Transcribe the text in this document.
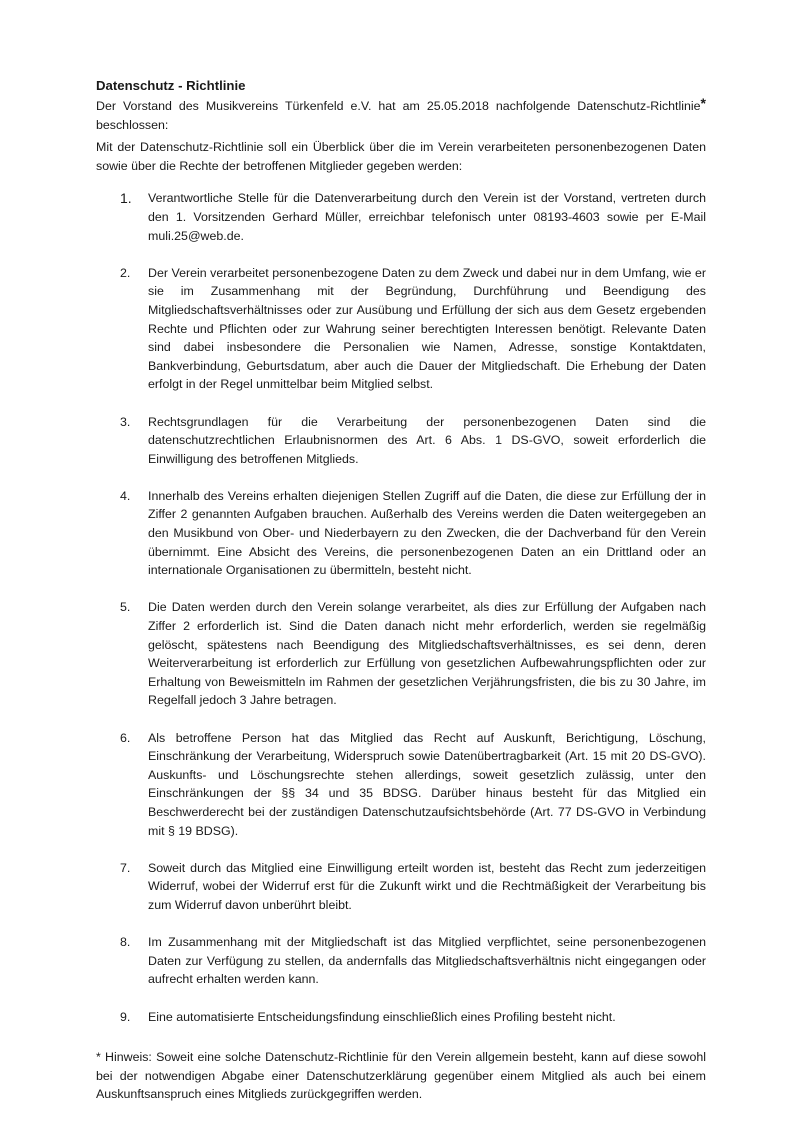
Datenschutz - Richtlinie

Der Vorstand des Musikvereins Türkenfeld e.V. hat am 25.05.2018 nachfolgende Datenschutz-Richtlinie* beschlossen:

Mit der Datenschutz-Richtlinie soll ein Überblick über die im Verein verarbeiteten personenbezogenen Daten sowie über die Rechte der betroffenen Mitglieder gegeben werden:

1.	Verantwortliche Stelle für die Datenverarbeitung durch den Verein ist der Vorstand, vertreten durch den 1. Vorsitzenden Gerhard Müller, erreichbar telefonisch unter 08193-4603 sowie per E-Mail muli.25@web.de.
2.	Der Verein verarbeitet personenbezogene Daten zu dem Zweck und dabei nur in dem Umfang, wie er sie im Zusammenhang mit der Begründung, Durchführung und Beendigung des Mitgliedschaftsverhältnisses oder zur Ausübung und Erfüllung der sich aus dem Gesetz ergebenden Rechte und Pflichten oder zur Wahrung seiner berechtigten Interessen benötigt. Relevante Daten sind dabei insbesondere die Personalien wie Namen, Adresse, sonstige Kontaktdaten, Bankverbindung, Geburtsdatum, aber auch die Dauer der Mitgliedschaft. Die Erhebung der Daten erfolgt in der Regel unmittelbar beim Mitglied selbst.
3.	Rechtsgrundlagen für die Verarbeitung der personenbezogenen Daten sind die datenschutzrechtlichen Erlaubnisnormen des Art. 6 Abs. 1 DS-GVO, soweit erforderlich die Einwilligung des betroffenen Mitglieds.
4.	Innerhalb des Vereins erhalten diejenigen Stellen Zugriff auf die Daten, die diese zur Erfüllung der in Ziffer 2 genannten Aufgaben brauchen. Außerhalb des Vereins werden die Daten weitergegeben an den Musikbund von Ober- und Niederbayern zu den Zwecken, die der Dachverband für den Verein übernimmt. Eine Absicht des Vereins, die personenbezogenen Daten an ein Drittland oder an internationale Organisationen zu übermitteln, besteht nicht.
5.	Die Daten werden durch den Verein solange verarbeitet, als dies zur Erfüllung der Aufgaben nach Ziffer 2 erforderlich ist. Sind die Daten danach nicht mehr erforderlich, werden sie regelmäßig gelöscht, spätestens nach Beendigung des Mitgliedschaftsverhältnisses, es sei denn, deren Weiterverarbeitung ist erforderlich zur Erfüllung von gesetzlichen Aufbewahrungspflichten oder zur Erhaltung von Beweismitteln im Rahmen der gesetzlichen Verjährungsfristen, die bis zu 30 Jahre, im Regelfall jedoch 3 Jahre betragen.
6.	Als betroffene Person hat das Mitglied das Recht auf Auskunft, Berichtigung, Löschung, Einschränkung der Verarbeitung, Widerspruch sowie Datenübertragbarkeit (Art. 15 mit 20 DS-GVO). Auskunfts- und Löschungsrechte stehen allerdings, soweit gesetzlich zulässig, unter den Einschränkungen der §§ 34 und 35 BDSG. Darüber hinaus besteht für das Mitglied ein Beschwerderecht bei der zuständigen Datenschutzaufsichtsbehörde (Art. 77 DS-GVO in Verbindung mit § 19 BDSG).
7.	Soweit durch das Mitglied eine Einwilligung erteilt worden ist, besteht das Recht zum jederzeitigen Widerruf, wobei der Widerruf erst für die Zukunft wirkt und die Rechtmäßigkeit der Verarbeitung bis zum Widerruf davon unberührt bleibt.
8.	Im Zusammenhang mit der Mitgliedschaft ist das Mitglied verpflichtet, seine personenbezogenen Daten zur Verfügung zu stellen, da andernfalls das Mitgliedschaftsverhältnis nicht eingegangen oder aufrecht erhalten werden kann.
9.	Eine automatisierte Entscheidungsfindung einschließlich eines Profiling besteht nicht.

* Hinweis: Soweit eine solche Datenschutz-Richtlinie für den Verein allgemein besteht, kann auf diese sowohl bei der notwendigen Abgabe einer Datenschutzerklärung gegenüber einem Mitglied als auch bei einem Auskunftsanspruch eines Mitglieds zurückgegriffen werden.
